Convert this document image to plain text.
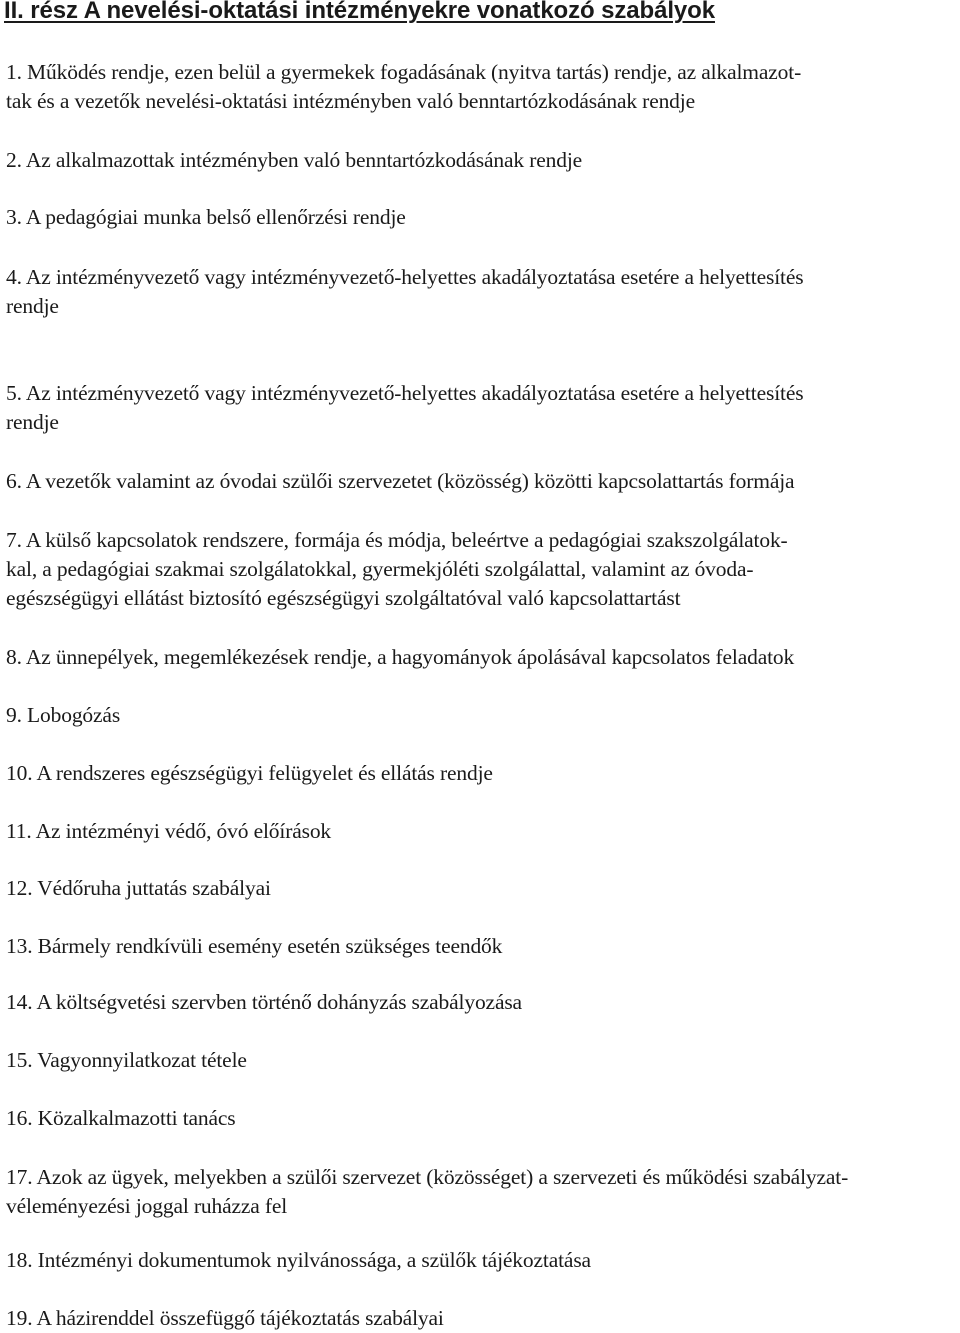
II. rész A nevelési-oktatási intézményekre vonatkozó szabályok
1. Működés rendje, ezen belül a gyermekek fogadásának (nyitva tartás) rendje, az alkalmazot-
tak és a vezetők nevelési-oktatási intézményben való benntartózkodásának rendje
2. Az alkalmazottak intézményben való benntartózkodásának rendje
3. A pedagógiai munka belső ellenőrzési rendje
4. Az intézményvezető vagy intézményvezető-helyettes akadályoztatása esetére a helyettesítés
rendje
5. Az intézményvezető vagy intézményvezető-helyettes akadályoztatása esetére a helyettesítés
rendje
6. A vezetők valamint az óvodai szülői szervezetet (közösség) közötti kapcsolattartás formája
7. A külső kapcsolatok rendszere, formája és módja, beleértve a pedagógiai szakszolgálatok-
kal, a pedagógiai szakmai szolgálatokkal, gyermekjóléti szolgálattal, valamint az óvoda-
egészségügyi ellátást biztosító egészségügyi szolgáltatóval való kapcsolattartást
8. Az ünnepélyek, megemlékezések rendje, a hagyományok ápolásával kapcsolatos feladatok
9. Lobogózás
10. A rendszeres egészségügyi felügyelet és ellátás rendje
11. Az intézményi védő, óvó előírások
12. Védőruha juttatás szabályai
13. Bármely rendkívüli esemény esetén szükséges teendők
14. A költségvetési szervben történő dohányzás szabályozása
15. Vagyonnyilatkozat tétele
16. Közalkalmazotti tanács
17. Azok az ügyek, melyekben a szülői szervezet (közösséget) a szervezeti és működési szabályzat-
véleményezési joggal ruházza fel
18. Intézményi dokumentumok nyilvánossága, a szülők tájékoztatása
19. A házirenddel összefüggő tájékoztatás szabályai
